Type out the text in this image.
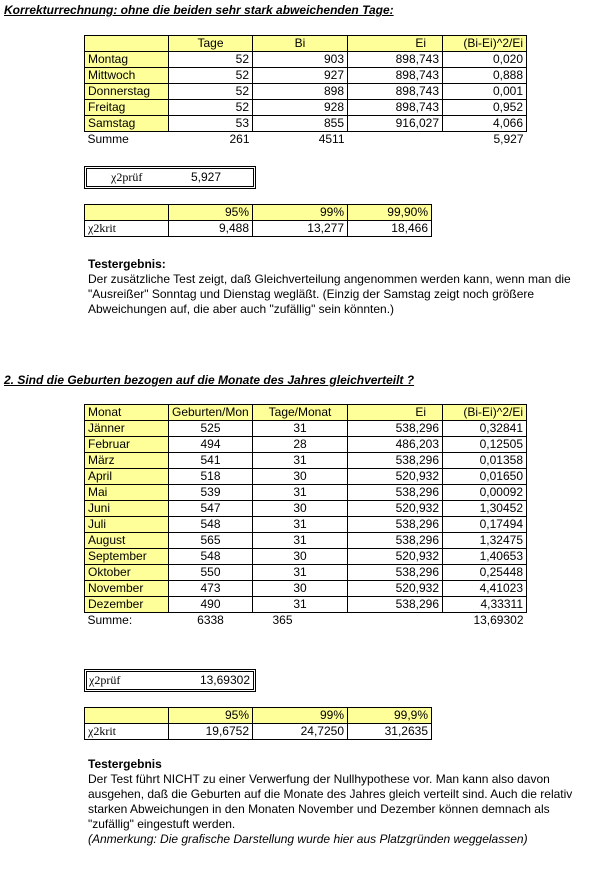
Korrekturrechnung: ohne die beiden sehr stark abweichenden Tage:
	Tage	Bi	Ei	(Bi-Ei)^2/Ei
Montag	52	903	898,743	0,020
Mittwoch	52	927	898,743	0,888
Donnerstag	52	898	898,743	0,001
Freitag	52	928	898,743	0,952
Samstag	53	855	916,027	4,066
Summe	261	4511		5,927
χ2prüf	5,927
	95%	99%	99,90%
χ2krit	9,488	13,277	18,466
Testergebnis:
Der zusätzliche Test zeigt, daß Gleichverteilung angenommen werden kann, wenn man die "Ausreißer" Sonntag und Dienstag wegläßt. (Einzig der Samstag zeigt noch größere Abweichungen auf, die aber auch "zufällig" sein könnten.)
2. Sind die Geburten bezogen auf die Monate des Jahres gleichverteilt ?
Monat	Geburten/Mon	Tage/Monat	Ei	(Bi-Ei)^2/Ei
Jänner	525	31	538,296	0,32841
Februar	494	28	486,203	0,12505
März	541	31	538,296	0,01358
April	518	30	520,932	0,01650
Mai	539	31	538,296	0,00092
Juni	547	30	520,932	1,30452
Juli	548	31	538,296	0,17494
August	565	31	538,296	1,32475
September	548	30	520,932	1,40653
Oktober	550	31	538,296	0,25448
November	473	30	520,932	4,41023
Dezember	490	31	538,296	4,33311
Summe:	6338	365		13,69302
χ2prüf	13,69302
	95%	99%	99,9%
χ2krit	19,6752	24,7250	31,2635
Testergebnis
Der Test führt NICHT zu einer Verwerfung der Nullhypothese vor. Man kann also davon ausgehen, daß die Geburten auf die Monate des Jahres gleich verteilt sind. Auch die relativ starken Abweichungen in den Monaten November und Dezember können demnach als "zufällig" eingestuft werden.
(Anmerkung: Die grafische Darstellung wurde hier aus Platzgründen weggelassen)
